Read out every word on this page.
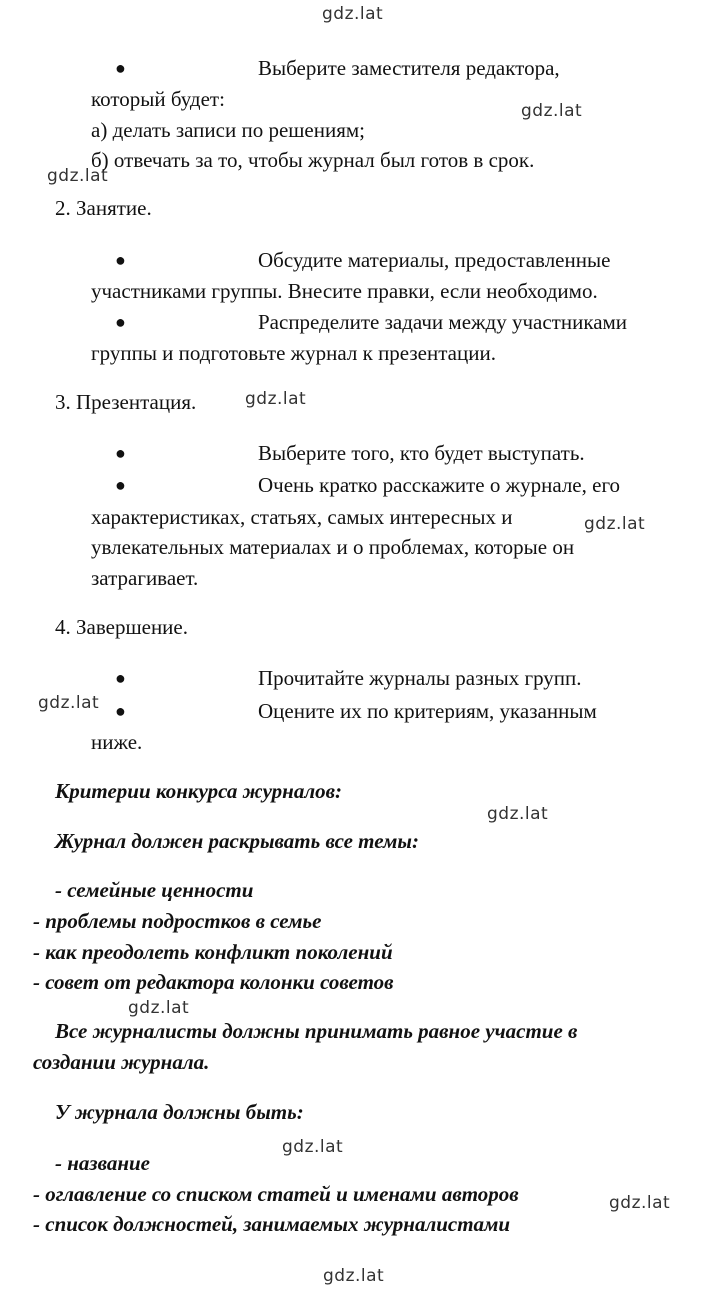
gdz.lat
gdz.lat
gdz.lat
gdz.lat
gdz.lat
gdz.lat
gdz.lat
gdz.lat
gdz.lat
gdz.lat
gdz.lat
●	Выберите заместителя редактора,
который будет:
а) делать записи по решениям;
б) отвечать за то, чтобы журнал был готов в срок.
2. Занятие.
●	Обсудите материалы, предоставленные
участниками группы. Внесите правки, если необходимо.
●	Распределите задачи между участниками
группы и подготовьте журнал к презентации.
3. Презентация.
●	Выберите того, кто будет выступать.
●	Очень кратко расскажите о журнале, его
характеристиках, статьях, самых интересных и
увлекательных материалах и о проблемах, которые он
затрагивает.
4. Завершение.
●	Прочитайте журналы разных групп.
●	Оцените их по критериям, указанным
ниже.
Критерии конкурса журналов:
Журнал должен раскрывать все темы:
- семейные ценности
- проблемы подростков в семье
- как преодолеть конфликт поколений
- совет от редактора колонки советов
Все журналисты должны принимать равное участие в
создании журнала.
У журнала должны быть:
- название
- оглавление со списком статей и именами авторов
- список должностей, занимаемых журналистами
